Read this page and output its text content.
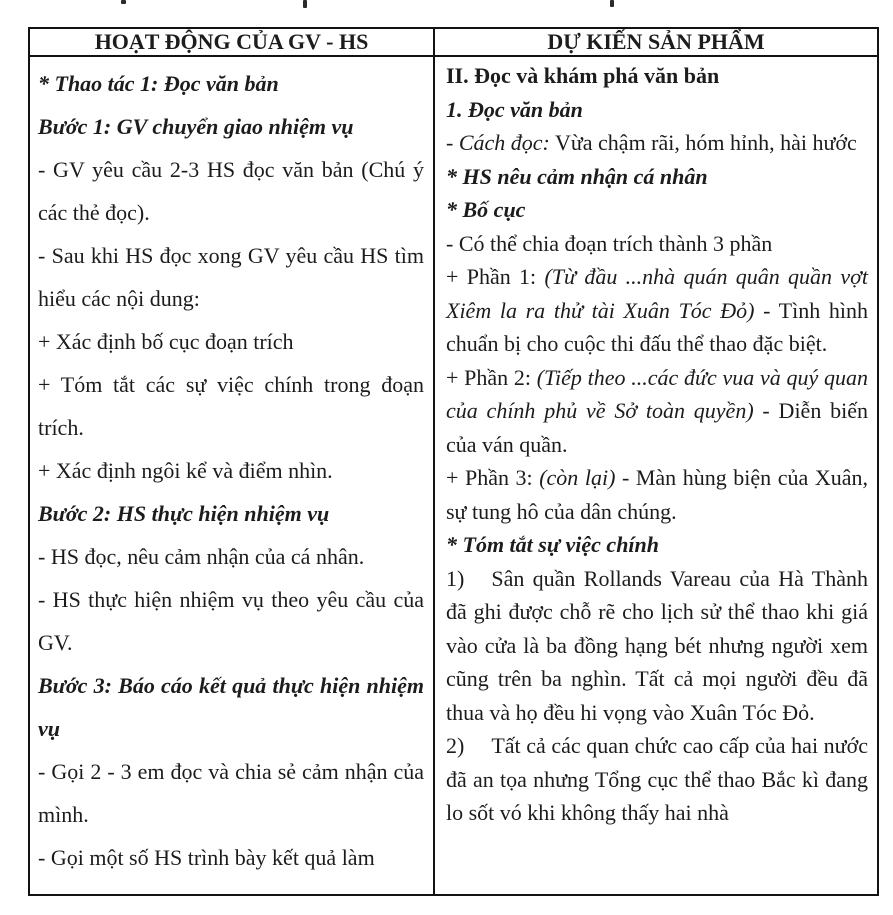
HOẠT ĐỘNG CỦA GV - HS	DỰ KIẾN SẢN PHẨM

* Thao tác 1: Đọc văn bản

Bước 1: GV chuyển giao nhiệm vụ

- GV yêu cầu 2-3 HS đọc văn bản (Chú ý các thẻ đọc).

- Sau khi HS đọc xong GV yêu cầu HS tìm hiểu các nội dung:

+ Xác định bố cục đoạn trích

+ Tóm tắt các sự việc chính trong đoạn trích.

+ Xác định ngôi kể và điểm nhìn.

Bước 2: HS thực hiện nhiệm vụ

- HS đọc, nêu cảm nhận của cá nhân.

- HS thực hiện nhiệm vụ theo yêu cầu của GV.

Bước 3: Báo cáo kết quả thực hiện nhiệm vụ

- Gọi 2 - 3 em đọc và chia sẻ cảm nhận của mình.

- Gọi một số HS trình bày kết quả làm

II. Đọc và khám phá văn bản

1. Đọc văn bản

- Cách đọc: Vừa chậm rãi, hóm hỉnh, hài hước

* HS nêu cảm nhận cá nhân

* Bố cục

- Có thể chia đoạn trích thành 3 phần

+ Phần 1: (Từ đầu ...nhà quán quân quần vợt Xiêm la ra thử tài Xuân Tóc Đỏ) - Tình hình chuẩn bị cho cuộc thi đấu thể thao đặc biệt.

+ Phần 2: (Tiếp theo ...các đức vua và quý quan của chính phủ về Sở toàn quyền) - Diễn biến của ván quần.

+ Phần 3: (còn lại) - Màn hùng biện của Xuân, sự tung hô của dân chúng.

* Tóm tắt sự việc chính

1) Sân quần Rollands Vareau của Hà Thành đã ghi được chỗ rẽ cho lịch sử thể thao khi giá vào cửa là ba đồng hạng bét nhưng người xem cũng trên ba nghìn. Tất cả mọi người đều đã thua và họ đều hi vọng vào Xuân Tóc Đỏ.

2) Tất cả các quan chức cao cấp của hai nước đã an tọa nhưng Tổng cục thể thao Bắc kì đang lo sốt vó khi không thấy hai nhà
